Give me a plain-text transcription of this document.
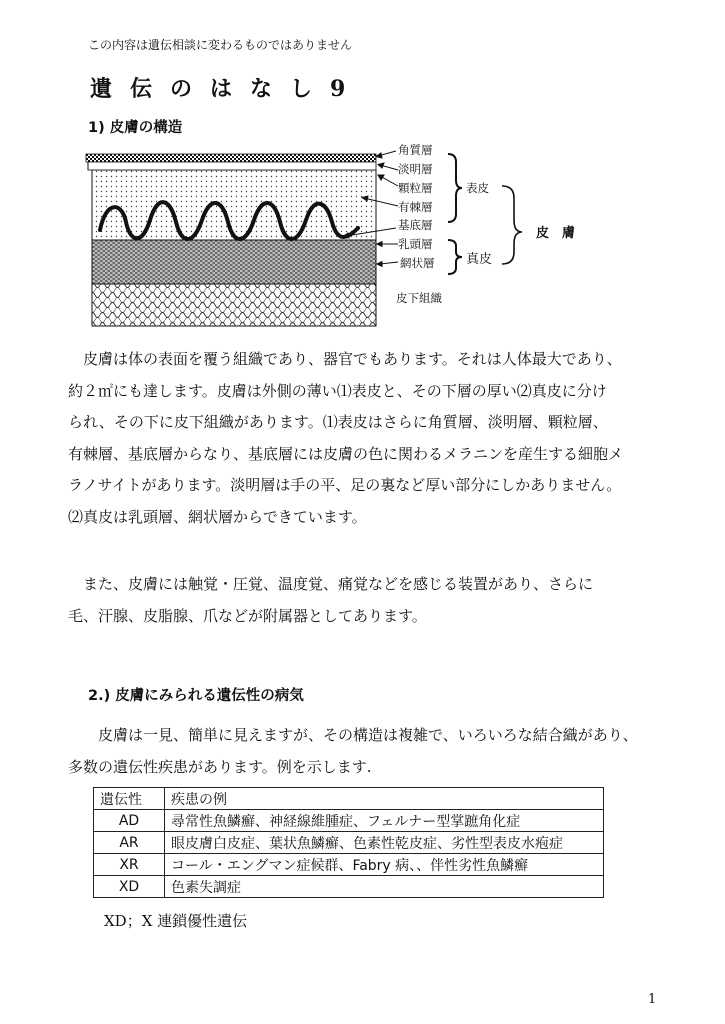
この内容は遺伝相談に変わるものではありません
遺伝のはなし9
1) 皮膚の構造
角質層
淡明層
顆粒層
有棘層
基底層
乳頭層
網状層
皮下組織
表皮
真皮
皮　膚
皮膚は体の表面を覆う組織であり、器官でもあります。それは人体最大であり、
約２㎡にも達します。皮膚は外側の薄い⑴表皮と、その下層の厚い⑵真皮に分け
られ、その下に皮下組織があります。⑴表皮はさらに角質層、淡明層、顆粒層、
有棘層、基底層からなり、基底層には皮膚の色に関わるメラニンを産生する細胞メ
ラノサイトがあります。淡明層は手の平、足の裏など厚い部分にしかありません。
⑵真皮は乳頭層、網状層からできています。
また、皮膚には触覚・圧覚、温度覚、痛覚などを感じる装置があり、さらに
毛、汗腺、皮脂腺、爪などが附属器としてあります。
2.) 皮膚にみられる遺伝性の病気
皮膚は一見、簡単に見えますが、その構造は複雑で、いろいろな結合織があり、
多数の遺伝性疾患があります。例を示します.
遺伝性	疾患の例
AD	尋常性魚鱗癬、神経線維腫症、フェルナー型掌蹠角化症
AR	眼皮膚白皮症、葉状魚鱗癬、色素性乾皮症、劣性型表皮水疱症
XR	コール・エングマン症候群、Fabry 病、、伴性劣性魚鱗癬
XD	色素失調症
XD；X 連鎖優性遺伝
1
